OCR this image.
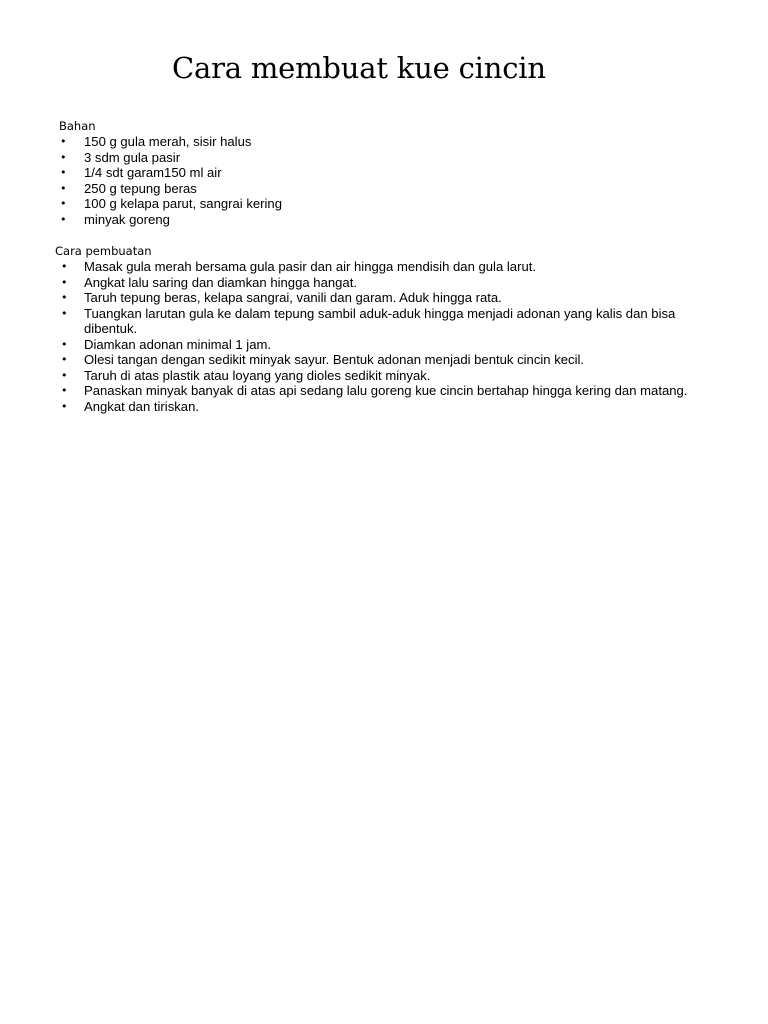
Cara membuat kue cincin
Bahan
• 150 g gula merah, sisir halus
• 3 sdm gula pasir
• 1/4 sdt garam150 ml air
• 250 g tepung beras
• 100 g kelapa parut, sangrai kering
• minyak goreng
Cara pembuatan
• Masak gula merah bersama gula pasir dan air hingga mendisih dan gula larut.
• Angkat lalu saring dan diamkan hingga hangat.
• Taruh tepung beras, kelapa sangrai, vanili dan garam. Aduk hingga rata.
• Tuangkan larutan gula ke dalam tepung sambil aduk-aduk hingga menjadi adonan yang kalis dan bisa dibentuk.
• Diamkan adonan minimal 1 jam.
• Olesi tangan dengan sedikit minyak sayur. Bentuk adonan menjadi bentuk cincin kecil.
• Taruh di atas plastik atau loyang yang dioles sedikit minyak.
• Panaskan minyak banyak di atas api sedang lalu goreng kue cincin bertahap hingga kering dan matang.
• Angkat dan tiriskan.
